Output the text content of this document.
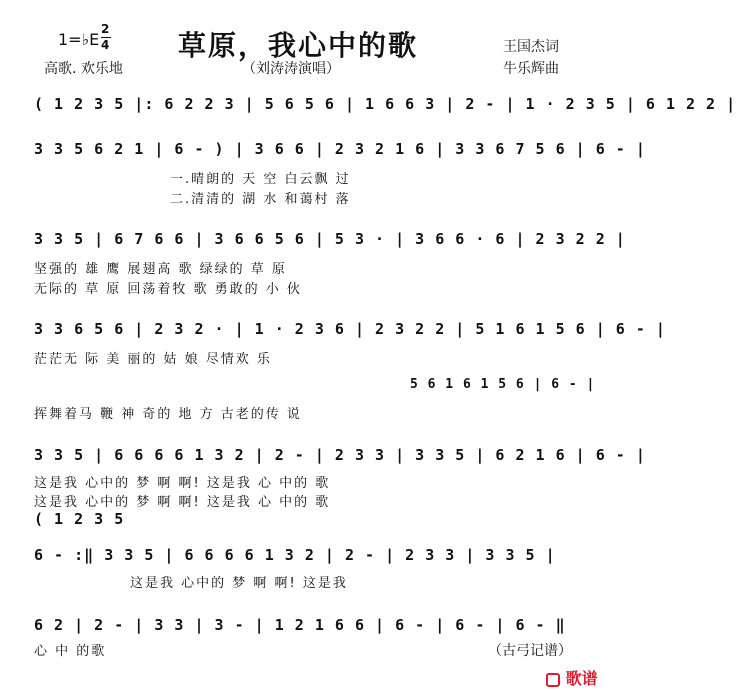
1=♭E
2
4 草原，我心中的歌	王国杰词
高歌. 欢乐地	（刘涛涛演唱）	牛乐辉曲
( 1 2 3 5 |: 6 2 2 3 | 5 6 5 6 | 1 6 6 3 | 2 - | 1 · 2 3 5 | 6 1 2 2 |
3 3 5 6 2 1 | 6 - ) | 3 6 6 | 2 3 2 1 6 | 3 3 6 7 5 6 | 6 - |
一.晴朗的 天 空 白云飘 过
二.清清的 湖 水 和蔼村 落
3 3 5 | 6 7 6 6 | 3 6 6 5 6 | 5 3 · | 3 6 6 · 6 | 2 3 2 2 |
坚强的 雄 鹰 展翅高 歌 绿绿的 草 原
无际的 草 原 回荡着牧 歌 勇敢的 小 伙
3 3 6 5 6 | 2 3 2 · | 1 · 2 3 6 | 2 3 2 2 | 5 1 6 1 5 6 | 6 - |
茫茫无 际 美 丽的 姑 娘 尽情欢 乐
5 6 1 6 1 5 6 | 6 - |
挥舞着马 鞭 神 奇的 地 方 古老的传 说
3 3 5 | 6 6 6 6 1 3 2 | 2 - | 2 3 3 | 3 3 5 | 6 2 1 6 | 6 - |
这是我 心中的 梦 啊 啊! 这是我 心 中的 歌
这是我 心中的 梦 啊 啊! 这是我 心 中的 歌
( 1 2 3 5
6 - :‖ 3 3 5 | 6 6 6 6 1 3 2 | 2 - | 2 3 3 | 3 3 5 |
这是我 心中的 梦 啊 啊! 这是我
6 2 | 2 - | 3 3 | 3 - | 1 2 1 6 6 | 6 - | 6 - | 6 - ‖
心 中 的歌	（古弓记谱）
歌谱
